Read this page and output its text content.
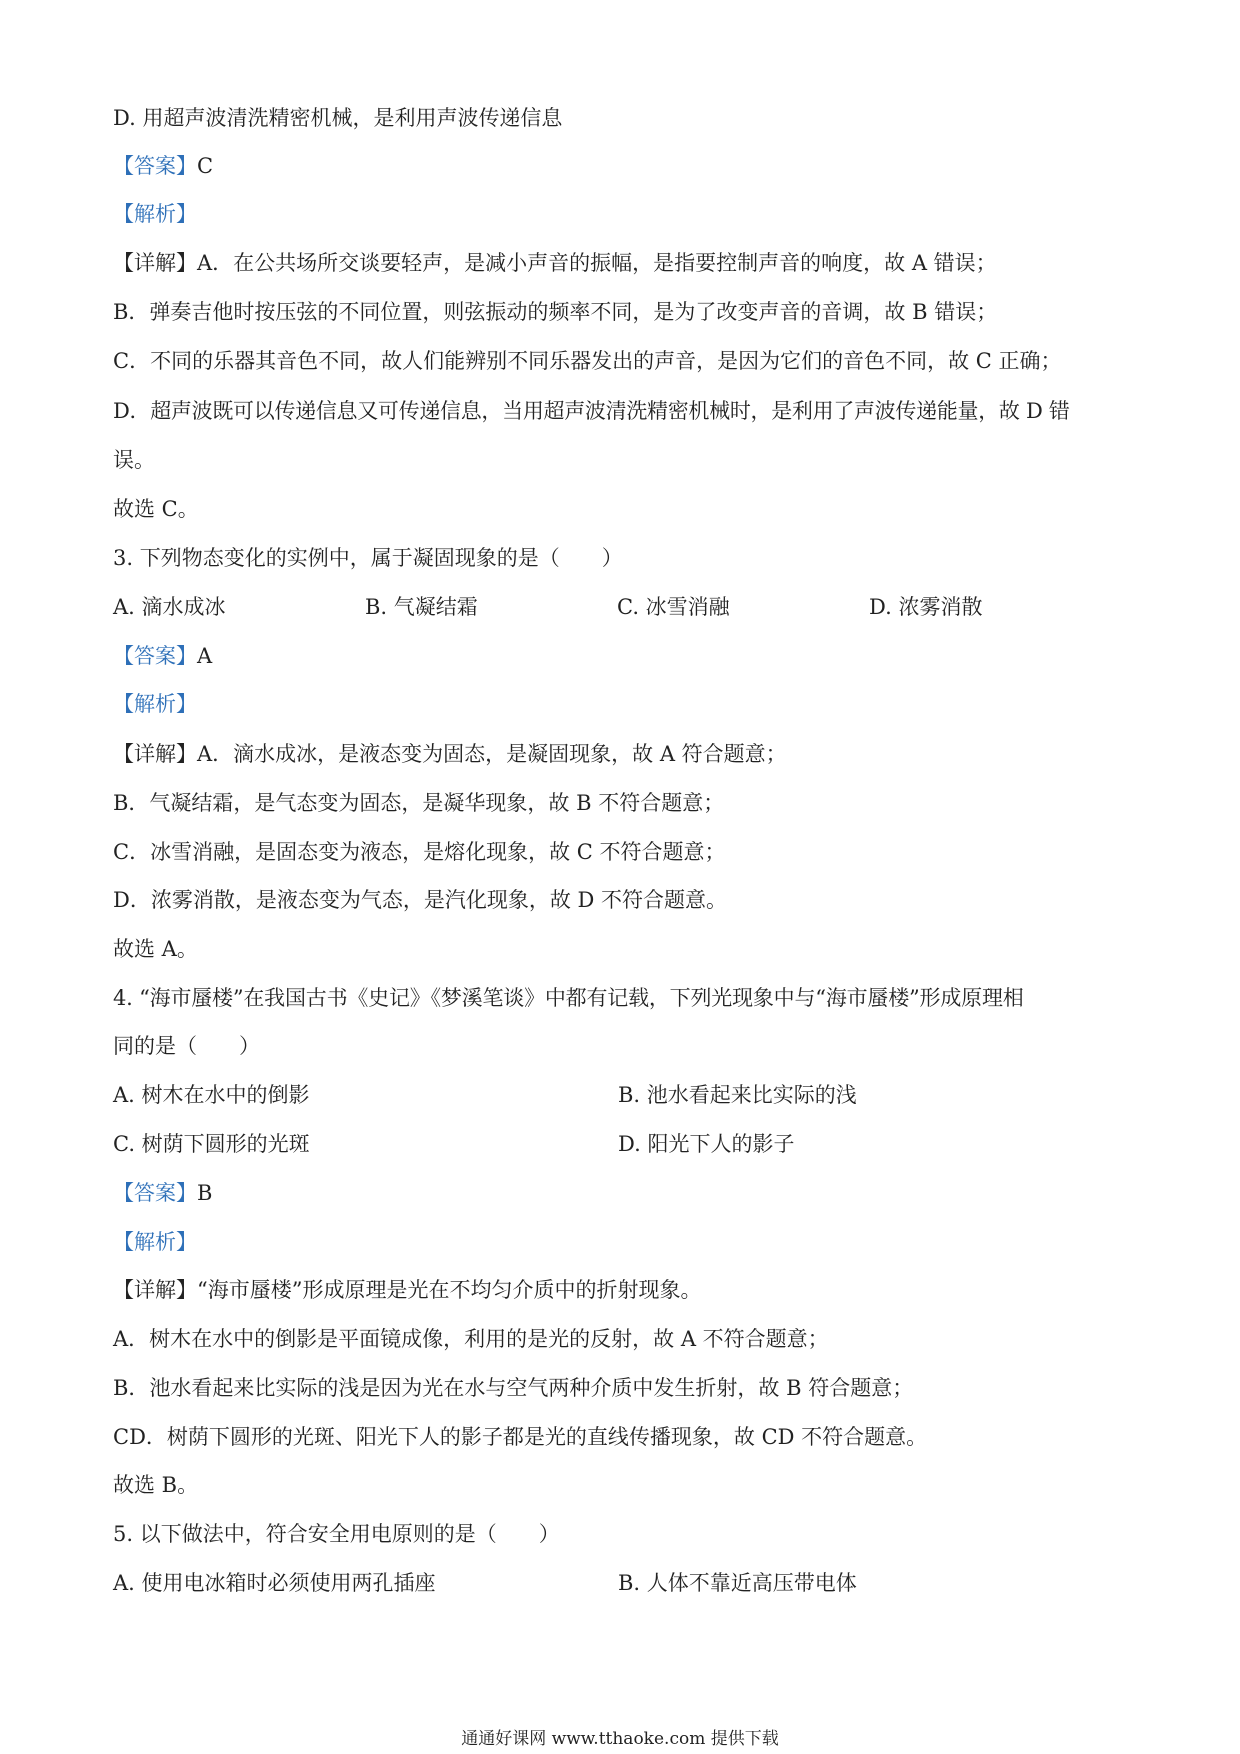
D. 用超声波清洗精密机械，是利用声波传递信息
【答案】C
【解析】
【详解】A．在公共场所交谈要轻声，是减小声音的振幅，是指要控制声音的响度，故 A 错误；
B．弹奏吉他时按压弦的不同位置，则弦振动的频率不同，是为了改变声音的音调，故 B 错误；
C．不同的乐器其音色不同，故人们能辨别不同乐器发出的声音，是因为它们的音色不同，故 C 正确；
D．超声波既可以传递信息又可传递信息，当用超声波清洗精密机械时，是利用了声波传递能量，故 D 错
误。
故选 C。
3. 下列物态变化的实例中，属于凝固现象的是（　　）
A. 滴水成冰	B. 气凝结霜	C. 冰雪消融	D. 浓雾消散
【答案】A
【解析】
【详解】A．滴水成冰，是液态变为固态，是凝固现象，故 A 符合题意；
B．气凝结霜，是气态变为固态，是凝华现象，故 B 不符合题意；
C．冰雪消融，是固态变为液态，是熔化现象，故 C 不符合题意；
D．浓雾消散，是液态变为气态，是汽化现象，故 D 不符合题意。
故选 A。
4. “海市蜃楼”在我国古书《史记》《梦溪笔谈》中都有记载，下列光现象中与“海市蜃楼”形成原理相
同的是（　　）
A. 树木在水中的倒影	B. 池水看起来比实际的浅
C. 树荫下圆形的光斑	D. 阳光下人的影子
【答案】B
【解析】
【详解】“海市蜃楼”形成原理是光在不均匀介质中的折射现象。
A．树木在水中的倒影是平面镜成像，利用的是光的反射，故 A 不符合题意；
B．池水看起来比实际的浅是因为光在水与空气两种介质中发生折射，故 B 符合题意；
CD．树荫下圆形的光斑、阳光下人的影子都是光的直线传播现象，故 CD 不符合题意。
故选 B。
5. 以下做法中，符合安全用电原则的是（　　）
A. 使用电冰箱时必须使用两孔插座	B. 人体不靠近高压带电体
通通好课网 www.tthaoke.com 提供下载
